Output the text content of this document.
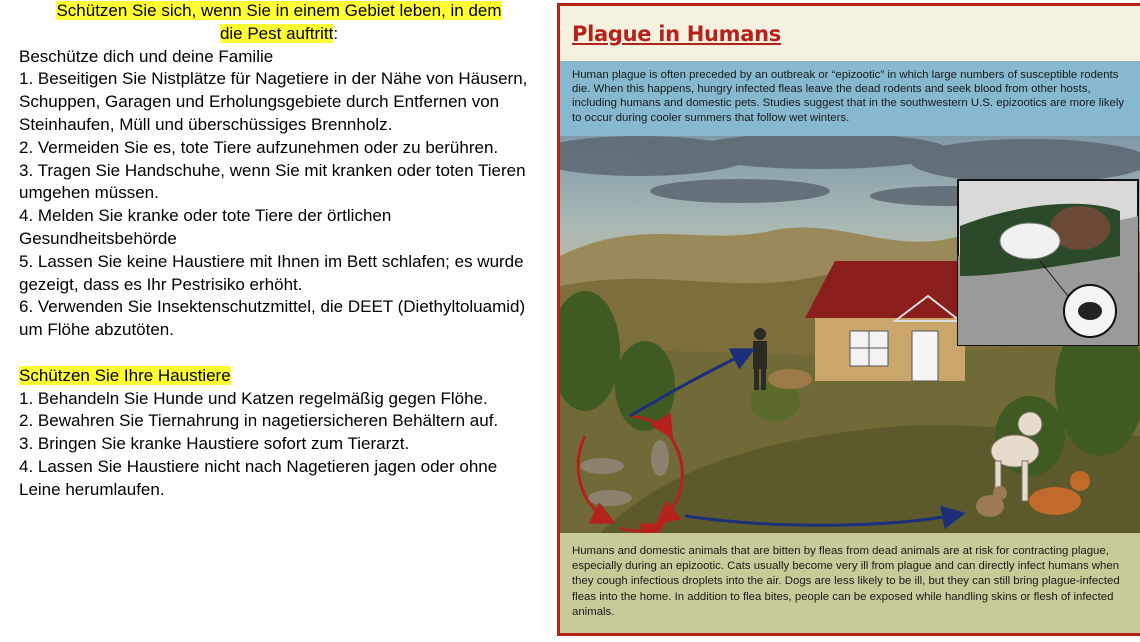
Schützen Sie sich, wenn Sie in einem Gebiet leben, in dem
die Pest auftritt:

Beschütze dich und deine Familie

1. Beseitigen Sie Nistplätze für Nagetiere in der Nähe von Häusern, Schuppen, Garagen und Erholungsgebiete durch Entfernen von Steinhaufen, Müll und überschüssiges Brennholz.

2. Vermeiden Sie es, tote Tiere aufzunehmen oder zu berühren.

3. Tragen Sie Handschuhe, wenn Sie mit kranken oder toten Tieren umgehen müssen.

4. Melden Sie kranke oder tote Tiere der örtlichen Gesundheitsbehörde

5. Lassen Sie keine Haustiere mit Ihnen im Bett schlafen; es wurde gezeigt, dass es Ihr Pestrisiko erhöht.

6. Verwenden Sie Insektenschutzmittel, die DEET (Diethyltoluamid) um Flöhe abzutöten.

Schützen Sie Ihre Haustiere

1. Behandeln Sie Hunde und Katzen regelmäßig gegen Flöhe.

2. Bewahren Sie Tiernahrung in nagetiersicheren Behältern auf.

3. Bringen Sie kranke Haustiere sofort zum Tierarzt.

4. Lassen Sie Haustiere nicht nach Nagetieren jagen oder ohne Leine herumlaufen.

Plague in Humans

Human plague is often preceded by an outbreak or “epizootic” in which large numbers of susceptible rodents die. When this happens, hungry infected fleas leave the dead rodents and seek blood from other hosts, including humans and domestic pets. Studies suggest that in the southwestern U.S. epizootics are more likely to occur during cooler summers that follow wet winters.

Humans and domestic animals that are bitten by fleas from dead animals are at risk for contracting plague, especially during an epizootic. Cats usually become very ill from plague and can directly infect humans when they cough infectious droplets into the air. Dogs are less likely to be ill, but they can still bring plague-infected fleas into the home. In addition to flea bites, people can be exposed while handling skins or flesh of infected animals.
